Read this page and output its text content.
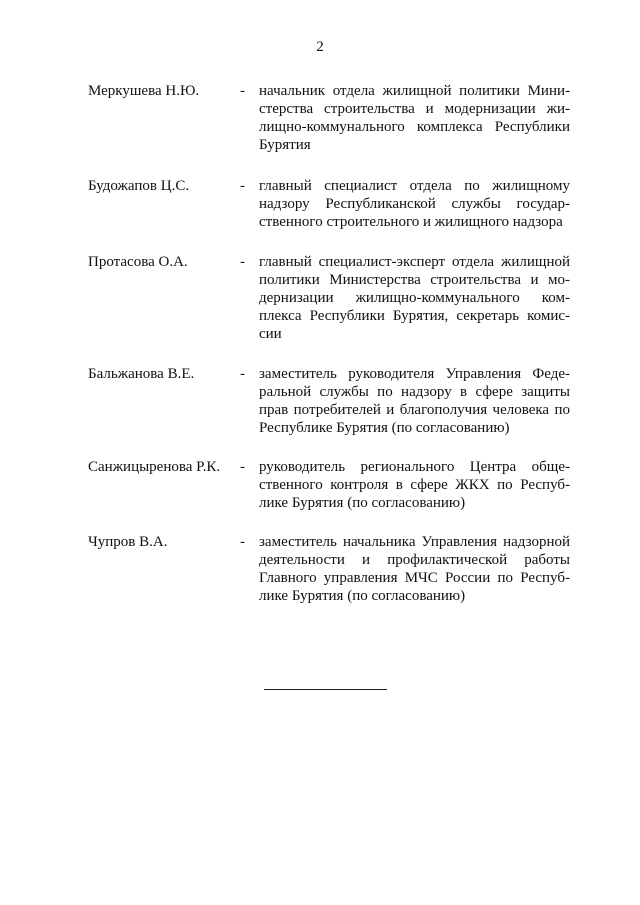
2
Меркушева Н.Ю.	- начальник отдела жилищной политики Мини-
стерства строительства и модернизации жи-
лищно-коммунального комплекса Республики
Бурятия
Будожапов Ц.С.	- главный специалист отдела по жилищному
надзору Республиканской службы государ-
ственного строительного и жилищного надзора
Протасова О.А.	- главный специалист-эксперт отдела жилищной
политики Министерства строительства и мо-
дернизации жилищно-коммунального ком-
плекса Республики Бурятия, секретарь комис-
сии
Бальжанова В.Е.	- заместитель руководителя Управления Феде-
ральной службы по надзору в сфере защиты
прав потребителей и благополучия человека по
Республике Бурятия (по согласованию)
Санжицыренова Р.К. - руководитель регионального Центра обще-
ственного контроля в сфере ЖКХ по Респуб-
лике Бурятия (по согласованию)
Чупров В.А.	- заместитель начальника Управления надзорной
деятельности и профилактической работы
Главного управления МЧС России по Респуб-
лике Бурятия (по согласованию)
